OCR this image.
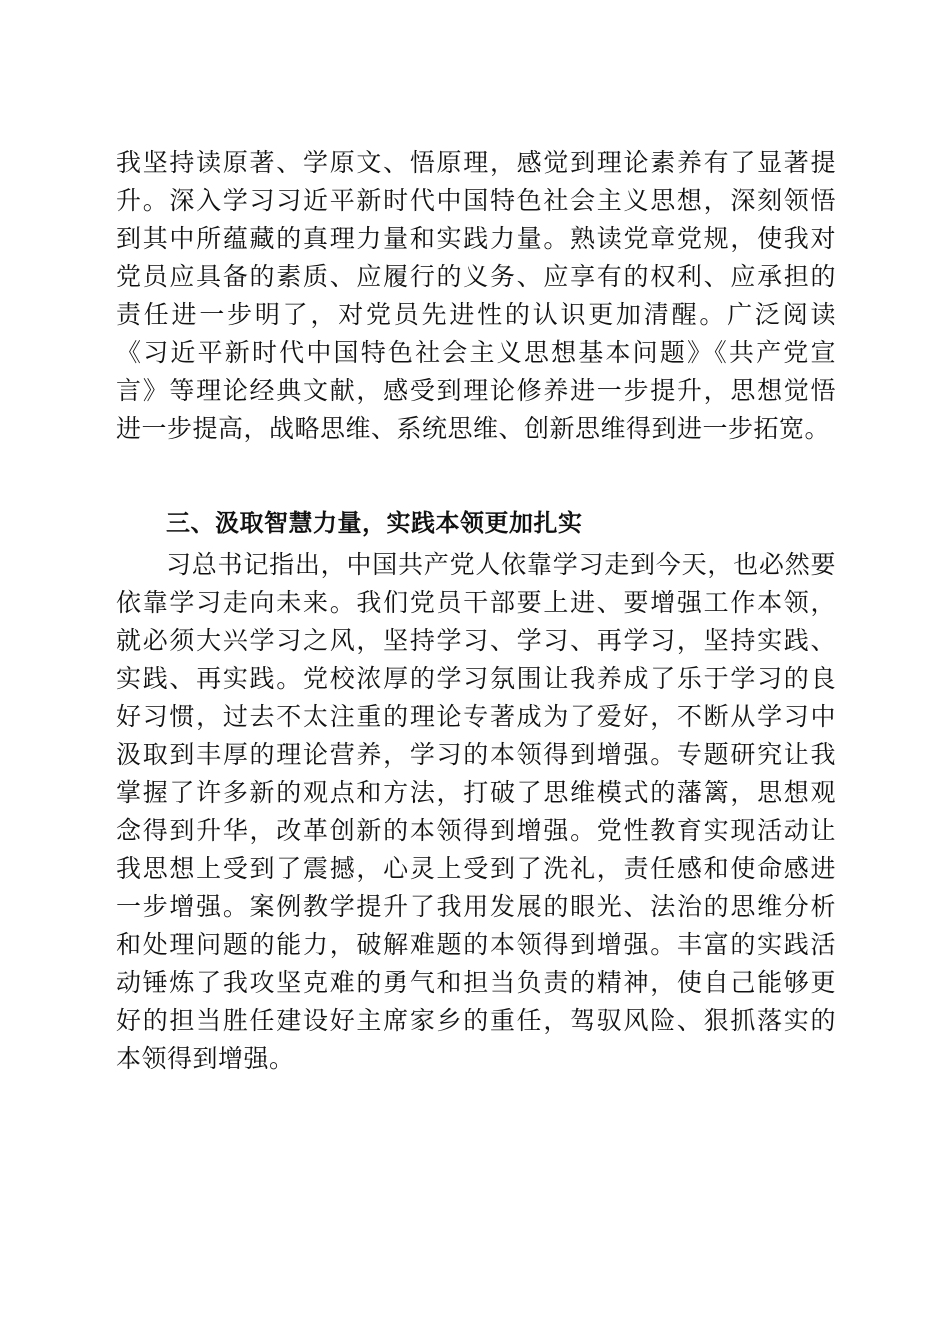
我坚持读原著、学原文、悟原理，感觉到理论素养有了显著提
升。深入学习习近平新时代中国特色社会主义思想，深刻领悟
到其中所蕴藏的真理力量和实践力量。熟读党章党规，使我对
党员应具备的素质、应履行的义务、应享有的权利、应承担的
责任进一步明了，对党员先进性的认识更加清醒。广泛阅读
《习近平新时代中国特色社会主义思想基本问题》《共产党宣
言》等理论经典文献，感受到理论修养进一步提升，思想觉悟
进一步提高，战略思维、系统思维、创新思维得到进一步拓宽。
三、汲取智慧力量，实践本领更加扎实
习总书记指出，中国共产党人依靠学习走到今天，也必然要
依靠学习走向未来。我们党员干部要上进、要增强工作本领，
就必须大兴学习之风，坚持学习、学习、再学习，坚持实践、
实践、再实践。党校浓厚的学习氛围让我养成了乐于学习的良
好习惯，过去不太注重的理论专著成为了爱好，不断从学习中
汲取到丰厚的理论营养，学习的本领得到增强。专题研究让我
掌握了许多新的观点和方法，打破了思维模式的藩篱，思想观
念得到升华，改革创新的本领得到增强。党性教育实现活动让
我思想上受到了震撼，心灵上受到了洗礼，责任感和使命感进
一步增强。案例教学提升了我用发展的眼光、法治的思维分析
和处理问题的能力，破解难题的本领得到增强。丰富的实践活
动锤炼了我攻坚克难的勇气和担当负责的精神，使自己能够更
好的担当胜任建设好主席家乡的重任，驾驭风险、狠抓落实的
本领得到增强。
